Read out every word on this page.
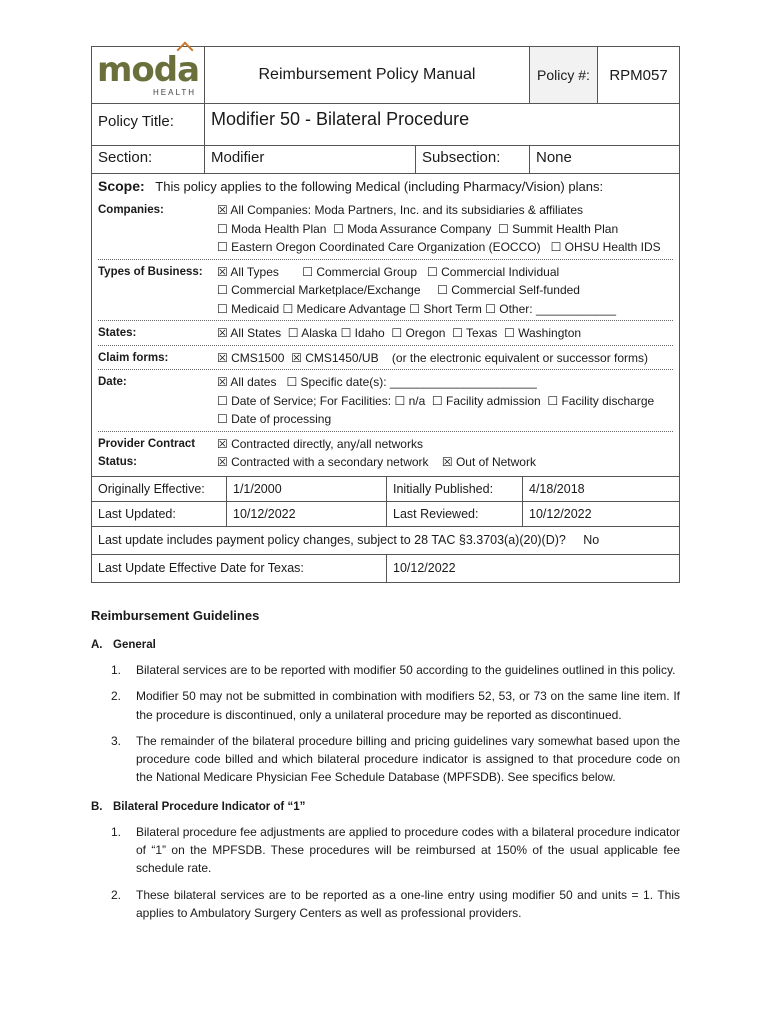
moda
HEALTH
Reimbursement Policy Manual	Policy #:	RPM057
Policy Title:	Modifier 50 - Bilateral Procedure
Section:	Modifier	Subsection:	None
Scope: This policy applies to the following Medical (including Pharmacy/Vision) plans:
Companies:	☒ All Companies: Moda Partners, Inc. and its subsidiaries & affiliates
☐ Moda Health Plan  ☐ Moda Assurance Company  ☐ Summit Health Plan
☐ Eastern Oregon Coordinated Care Organization (EOCCO)   ☐ OHSU Health IDS
Types of Business:	☒ All Types       ☐ Commercial Group   ☐ Commercial Individual
☐ Commercial Marketplace/Exchange     ☐ Commercial Self-funded
☐ Medicaid ☐ Medicare Advantage ☐ Short Term ☐ Other: ____________
States:	☒ All States  ☐ Alaska ☐ Idaho  ☐ Oregon  ☐ Texas  ☐ Washington
Claim forms:	☒ CMS1500  ☒ CMS1450/UB    (or the electronic equivalent or successor forms)
Date:	☒ All dates   ☐ Specific date(s): ______________________
☐ Date of Service; For Facilities: ☐ n/a  ☐ Facility admission  ☐ Facility discharge
☐ Date of processing
Provider Contract Status:
☒ Contracted directly, any/all networks
☒ Contracted with a secondary network    ☒ Out of Network
Originally Effective:	1/1/2000	Initially Published:	4/18/2018
Last Updated:	10/12/2022	Last Reviewed:	10/12/2022
Last update includes payment policy changes, subject to 28 TAC §3.3703(a)(20)(D)?     No
Last Update Effective Date for Texas:	10/12/2022
Reimbursement Guidelines
A. General
1.	Bilateral services are to be reported with modifier 50 according to the guidelines outlined in this policy.
2.	Modifier 50 may not be submitted in combination with modifiers 52, 53, or 73 on the same line item. If the procedure is discontinued, only a unilateral procedure may be reported as discontinued.
3.	The remainder of the bilateral procedure billing and pricing guidelines vary somewhat based upon the procedure code billed and which bilateral procedure indicator is assigned to that procedure code on the National Medicare Physician Fee Schedule Database (MPFSDB). See specifics below.
B. Bilateral Procedure Indicator of “1”
1.	Bilateral procedure fee adjustments are applied to procedure codes with a bilateral procedure indicator of “1” on the MPFSDB. These procedures will be reimbursed at 150% of the usual applicable fee schedule rate.
2.	These bilateral services are to be reported as a one-line entry using modifier 50 and units = 1. This applies to Ambulatory Surgery Centers as well as professional providers.
